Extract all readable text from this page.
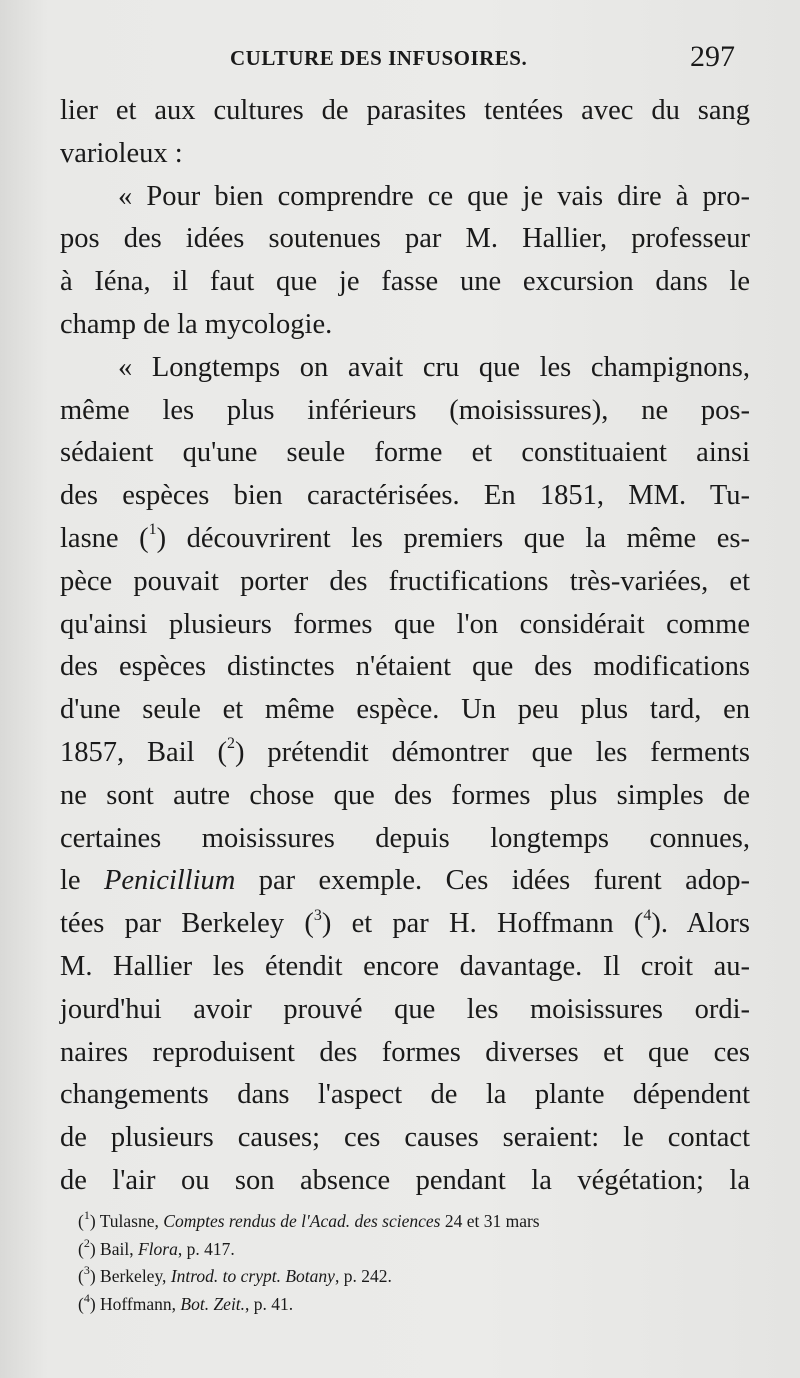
CULTURE DES INFUSOIRES.	297
lier et aux cultures de parasites tentées avec du sang
varioleux :
« Pour bien comprendre ce que je vais dire à pro-
pos des idées soutenues par M. Hallier, professeur
à Iéna, il faut que je fasse une excursion dans le
champ de la mycologie.
« Longtemps on avait cru que les champignons,
même les plus inférieurs (moisissures), ne pos-
sédaient qu'une seule forme et constituaient ainsi
des espèces bien caractérisées. En 1851, MM. Tu-
lasne ($^1$) découvrirent les premiers que la même es-
pèce pouvait porter des fructifications très-variées, et
qu'ainsi plusieurs formes que l'on considérait comme
des espèces distinctes n'étaient que des modifications
d'une seule et même espèce. Un peu plus tard, en
1857, Bail ($^2$) prétendit démontrer que les ferments
ne sont autre chose que des formes plus simples de
certaines moisissures depuis longtemps connues,
le Penicillium par exemple. Ces idées furent adop-
tées par Berkeley ($^3$) et par H. Hoffmann ($^4$). Alors
M. Hallier les étendit encore davantage. Il croit au-
jourd'hui avoir prouvé que les moisissures ordi-
naires reproduisent des formes diverses et que ces
changements dans l'aspect de la plante dépendent
de plusieurs causes; ces causes seraient: le contact
de l'air ou son absence pendant la végétation; la
($^1$) Tulasne, Comptes rendus de l'Acad. des sciences 24 et 31 mars
($^2$) Bail, Flora, p. 417.
($^3$) Berkeley, Introd. to crypt. Botany, p. 242.
($^4$) Hoffmann, Bot. Zeit., p. 41.
